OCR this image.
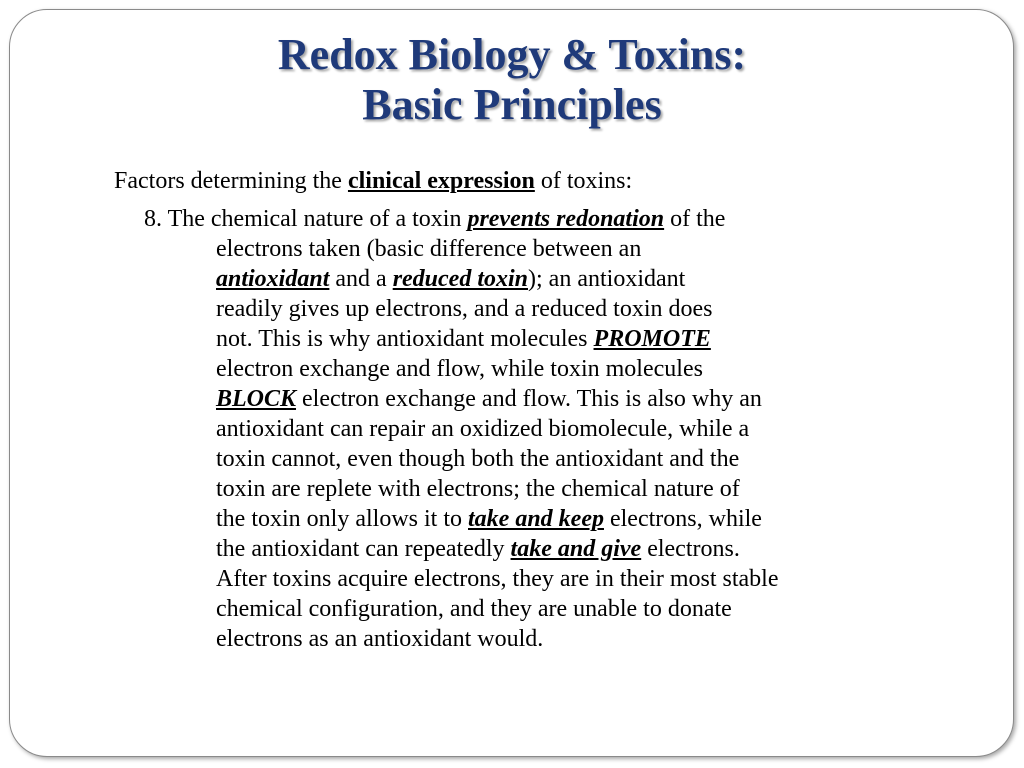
Redox Biology & Toxins:
Basic Principles

Factors determining the clinical expression of toxins:

8. The chemical nature of a toxin prevents redonation of the
electrons taken (basic difference between an
antioxidant and a reduced toxin); an antioxidant
readily gives up electrons, and a reduced toxin does
not. This is why antioxidant molecules PROMOTE
electron exchange and flow, while toxin molecules
BLOCK electron exchange and flow. This is also why an
antioxidant can repair an oxidized biomolecule, while a
toxin cannot, even though both the antioxidant and the
toxin are replete with electrons; the chemical nature of
the toxin only allows it to take and keep electrons, while
the antioxidant can repeatedly take and give electrons.
After toxins acquire electrons, they are in their most stable
chemical configuration, and they are unable to donate
electrons as an antioxidant would.
